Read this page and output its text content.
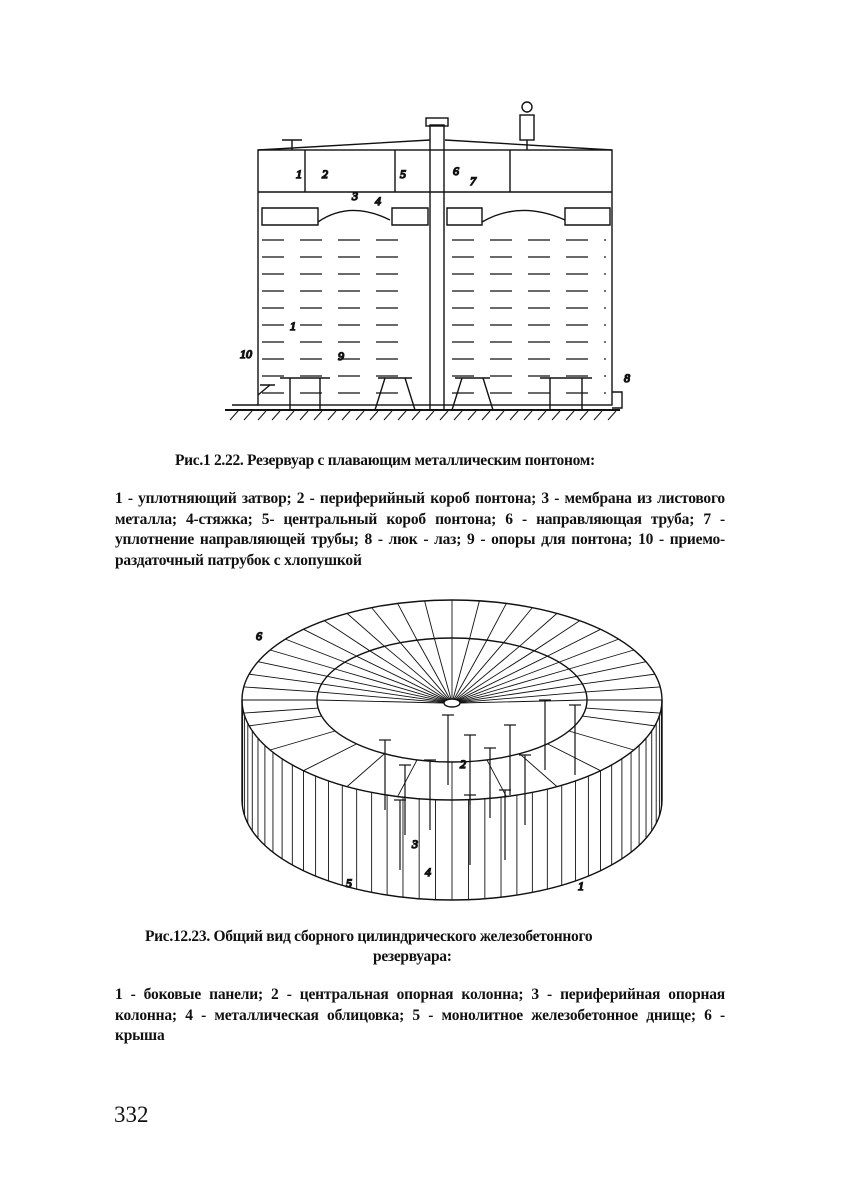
1 2
3 4
5	6
7
1
10	9
8
Рис.1 2.22. Резервуар с плавающим металлическим понтоном:
1 - уплотняющий затвор; 2 - периферийный короб понтона; 3 - мембрана из листового металла; 4-стяжка; 5- центральный короб понтона; 6 - направляющая труба; 7 - уплотнение направляющей трубы; 8 - люк - лаз; 9 - опоры для понтона; 10 - приемо-раздаточный патрубок с хлопушкой
6
2
3
4
5	1
Рис.12.23. Общий вид сборного цилиндрического железобетонного
резервуара:
1 - боковые панели; 2 - центральная опорная колонна; 3 - периферийная опорная колонна; 4 - металлическая облицовка; 5 - монолитное железобетонное днище; 6 - крыша
332
